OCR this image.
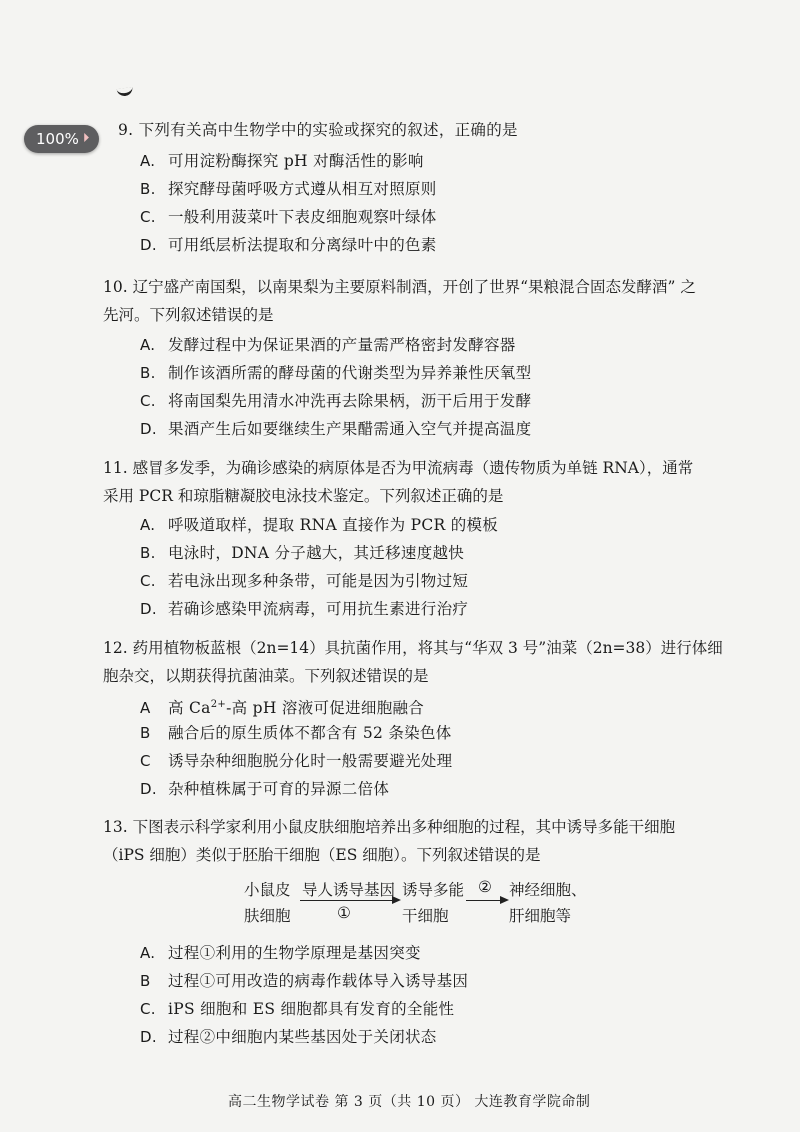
100% ⏵ 9. 下列有关高中生物学中的实验或探究的叙述，正确的是
A. 可用淀粉酶探究 pH 对酶活性的影响
B. 探究酵母菌呼吸方式遵从相互对照原则
C. 一般利用菠菜叶下表皮细胞观察叶绿体
D. 可用纸层析法提取和分离绿叶中的色素
10. 辽宁盛产南国梨，以南果梨为主要原料制酒，开创了世界“果粮混合固态发酵酒” 之
先河。下列叙述错误的是
A. 发酵过程中为保证果酒的产量需严格密封发酵容器
B. 制作该酒所需的酵母菌的代谢类型为异养兼性厌氧型
C. 将南国梨先用清水冲洗再去除果柄，沥干后用于发酵
D. 果酒产生后如要继续生产果醋需通入空气并提高温度
11. 感冒多发季，为确诊感染的病原体是否为甲流病毒（遗传物质为单链 RNA），通常
采用 PCR 和琼脂糖凝胶电泳技术鉴定。下列叙述正确的是
A. 呼吸道取样，提取 RNA 直接作为 PCR 的模板
B. 电泳时，DNA 分子越大，其迁移速度越快
C. 若电泳出现多种条带，可能是因为引物过短
D. 若确诊感染甲流病毒，可用抗生素进行治疗
12. 药用植物板蓝根（2n=14）具抗菌作用，将其与“华双 3 号”油菜（2n=38）进行体细
胞杂交，以期获得抗菌油菜。下列叙述错误的是
A 高 $Ca^{2+}-$高 pH 溶液可促进细胞融合
B 融合后的原生质体不都含有 52 条染色体
C 诱导杂种细胞脱分化时一般需要避光处理
D. 杂种植株属于可育的异源二倍体
13. 下图表示科学家利用小鼠皮肤细胞培养出多种细胞的过程，其中诱导多能干细胞
（iPS 细胞）类似于胚胎干细胞（ES 细胞）。下列叙述错误的是
小鼠皮
肤细胞
导人诱导基因
①
诱导多能
干细胞
② 神经细胞、
肝细胞等
A. 过程①利用的生物学原理是基因突变
B 过程①可用改造的病毒作载体导入诱导基因
C. iPS 细胞和 ES 细胞都具有发育的全能性
D. 过程②中细胞内某些基因处于关闭状态
高二生物学试卷 第 3 页（共 10 页） 大连教育学院命制
